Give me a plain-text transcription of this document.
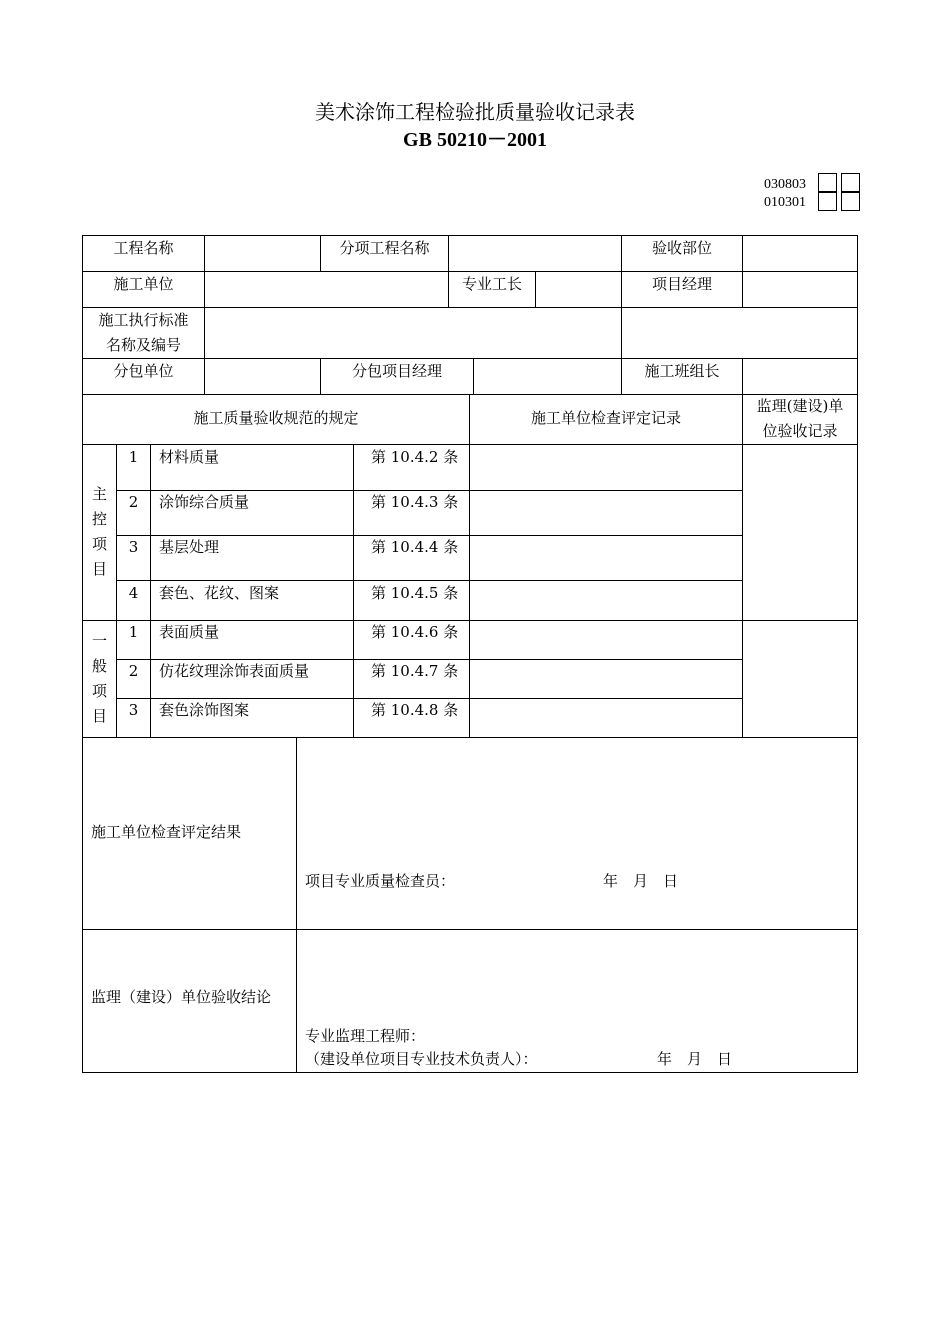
美术涂饰工程检验批质量验收记录表
GB 50210－2001
030803
010301
工程名称	分项工程名称	验收部位
施工单位	专业工长	项目经理
施工执行标准
名称及编号
分包单位	分包项目经理	施工班组长
施工质量验收规范的规定	施工单位检查评定记录
监理(建设)单
位验收记录
主
控
项
目
1	材料质量	第 10.4.2 条
2	涂饰综合质量	第 10.4.3 条
3	基层处理	第 10.4.4 条
4	套色、花纹、图案	第 10.4.5 条
一
般
项
目
1	表面质量	第 10.4.6 条
2	仿花纹理涂饰表面质量	第 10.4.7 条
3	套色涂饰图案	第 10.4.8 条
施工单位检查评定结果
项目专业质量检查员：	年　月　日
监理（建设）单位验收结论
专业监理工程师：
（建设单位项目专业技术负责人）：	年　月　日
